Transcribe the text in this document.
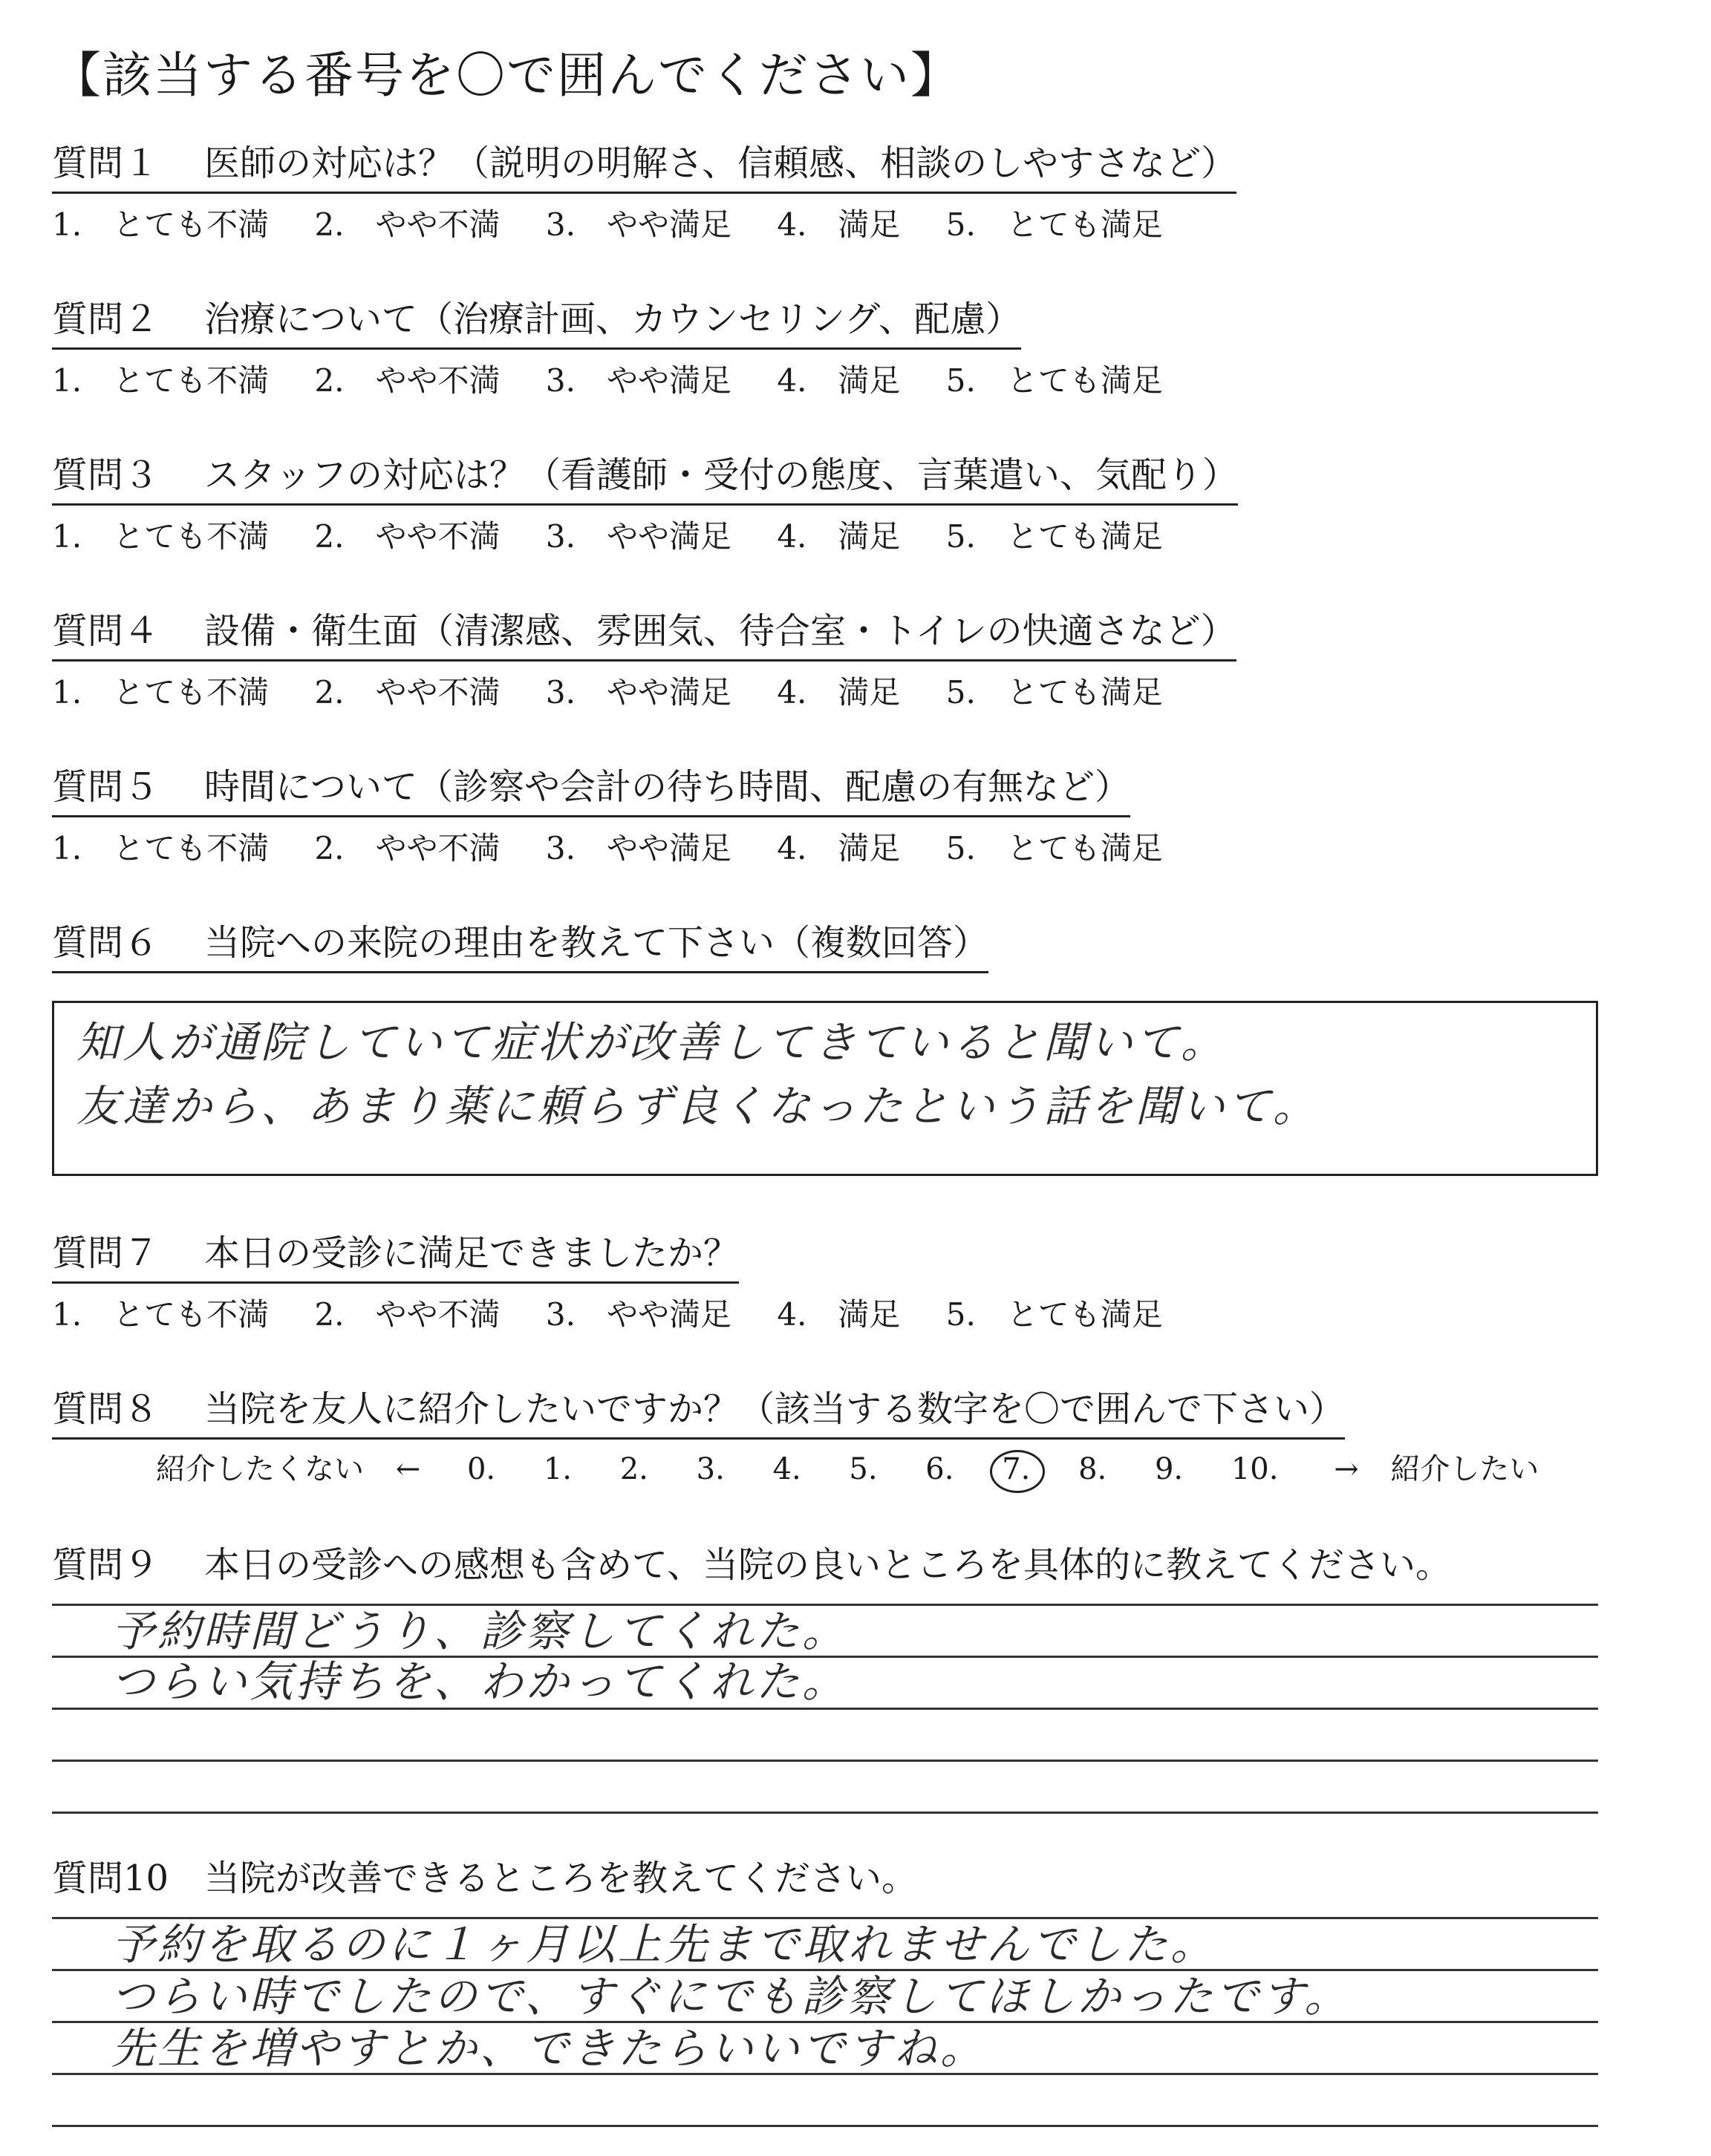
【該当する番号を〇で囲んでください】
質問１ 医師の対応は？（説明の明解さ、信頼感、相談のしやすさなど）
1.　とても不満 2.　やや不満 3.　やや満足 4.　満足 5.　とても満足
質問２ 治療について（治療計画、カウンセリング、配慮）
1.　とても不満 2.　やや不満 3.　やや満足 4.　満足 5.　とても満足
質問３ スタッフの対応は？（看護師・受付の態度、言葉遣い、気配り）
1.　とても不満 2.　やや不満 3.　やや満足 4.　満足 5.　とても満足
質問４ 設備・衛生面（清潔感、雰囲気、待合室・トイレの快適さなど）
1.　とても不満 2.　やや不満 3.　やや満足 4.　満足 5.　とても満足
質問５ 時間について（診察や会計の待ち時間、配慮の有無など）
1.　とても不満 2.　やや不満 3.　やや満足 4.　満足 5.　とても満足
質問６ 当院への来院の理由を教えて下さい（複数回答）
知人が通院していて症状が改善してきていると聞いて。
友達から、あまり薬に頼らず良くなったという話を聞いて。
質問７ 本日の受診に満足できましたか？
1.　とても不満 2.　やや不満 3.　やや満足 4.　満足 5.　とても満足
質問８ 当院を友人に紹介したいですか？（該当する数字を〇で囲んで下さい）
紹介したくない ← 0. 1. 2. 3. 4. 5. 6. 7. 8. 9. 10. → 紹介したい
質問９ 本日の受診への感想も含めて、当院の良いところを具体的に教えてください。
予約時間どうり、診察してくれた。
つらい気持ちを、わかってくれた。
質問10 当院が改善できるところを教えてください。
予約を取るのに１ヶ月以上先まで取れませんでした。
つらい時でしたので、すぐにでも診察してほしかったです。
先生を増やすとか、できたらいいですね。
